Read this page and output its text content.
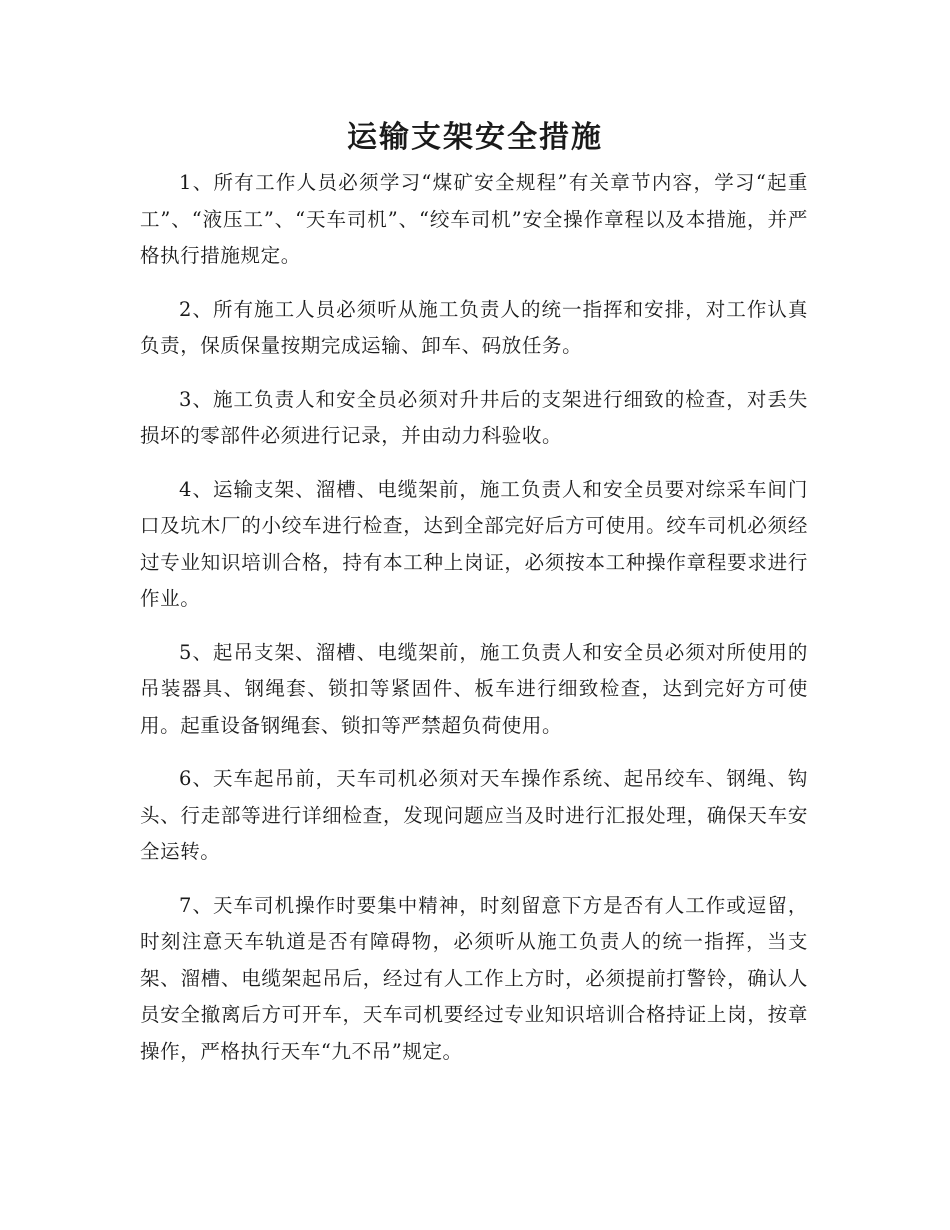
运输支架安全措施

1、所有工作人员必须学习“煤矿安全规程”有关章节内容，学习“起重工”、“液压工”、“天车司机”、“绞车司机”安全操作章程以及本措施，并严格执行措施规定。

2、所有施工人员必须听从施工负责人的统一指挥和安排，对工作认真负责，保质保量按期完成运输、卸车、码放任务。

3、施工负责人和安全员必须对升井后的支架进行细致的检查，对丢失损坏的零部件必须进行记录，并由动力科验收。

4、运输支架、溜槽、电缆架前，施工负责人和安全员要对综采车间门口及坑木厂的小绞车进行检查，达到全部完好后方可使用。绞车司机必须经过专业知识培训合格，持有本工种上岗证，必须按本工种操作章程要求进行作业。

5、起吊支架、溜槽、电缆架前，施工负责人和安全员必须对所使用的吊装器具、钢绳套、锁扣等紧固件、板车进行细致检查，达到完好方可使用。起重设备钢绳套、锁扣等严禁超负荷使用。

6、天车起吊前，天车司机必须对天车操作系统、起吊绞车、钢绳、钩头、行走部等进行详细检查，发现问题应当及时进行汇报处理，确保天车安全运转。

7、天车司机操作时要集中精神，时刻留意下方是否有人工作或逗留，时刻注意天车轨道是否有障碍物，必须听从施工负责人的统一指挥，当支架、溜槽、电缆架起吊后，经过有人工作上方时，必须提前打警铃，确认人员安全撤离后方可开车，天车司机要经过专业知识培训合格持证上岗，按章操作，严格执行天车“九不吊”规定。
